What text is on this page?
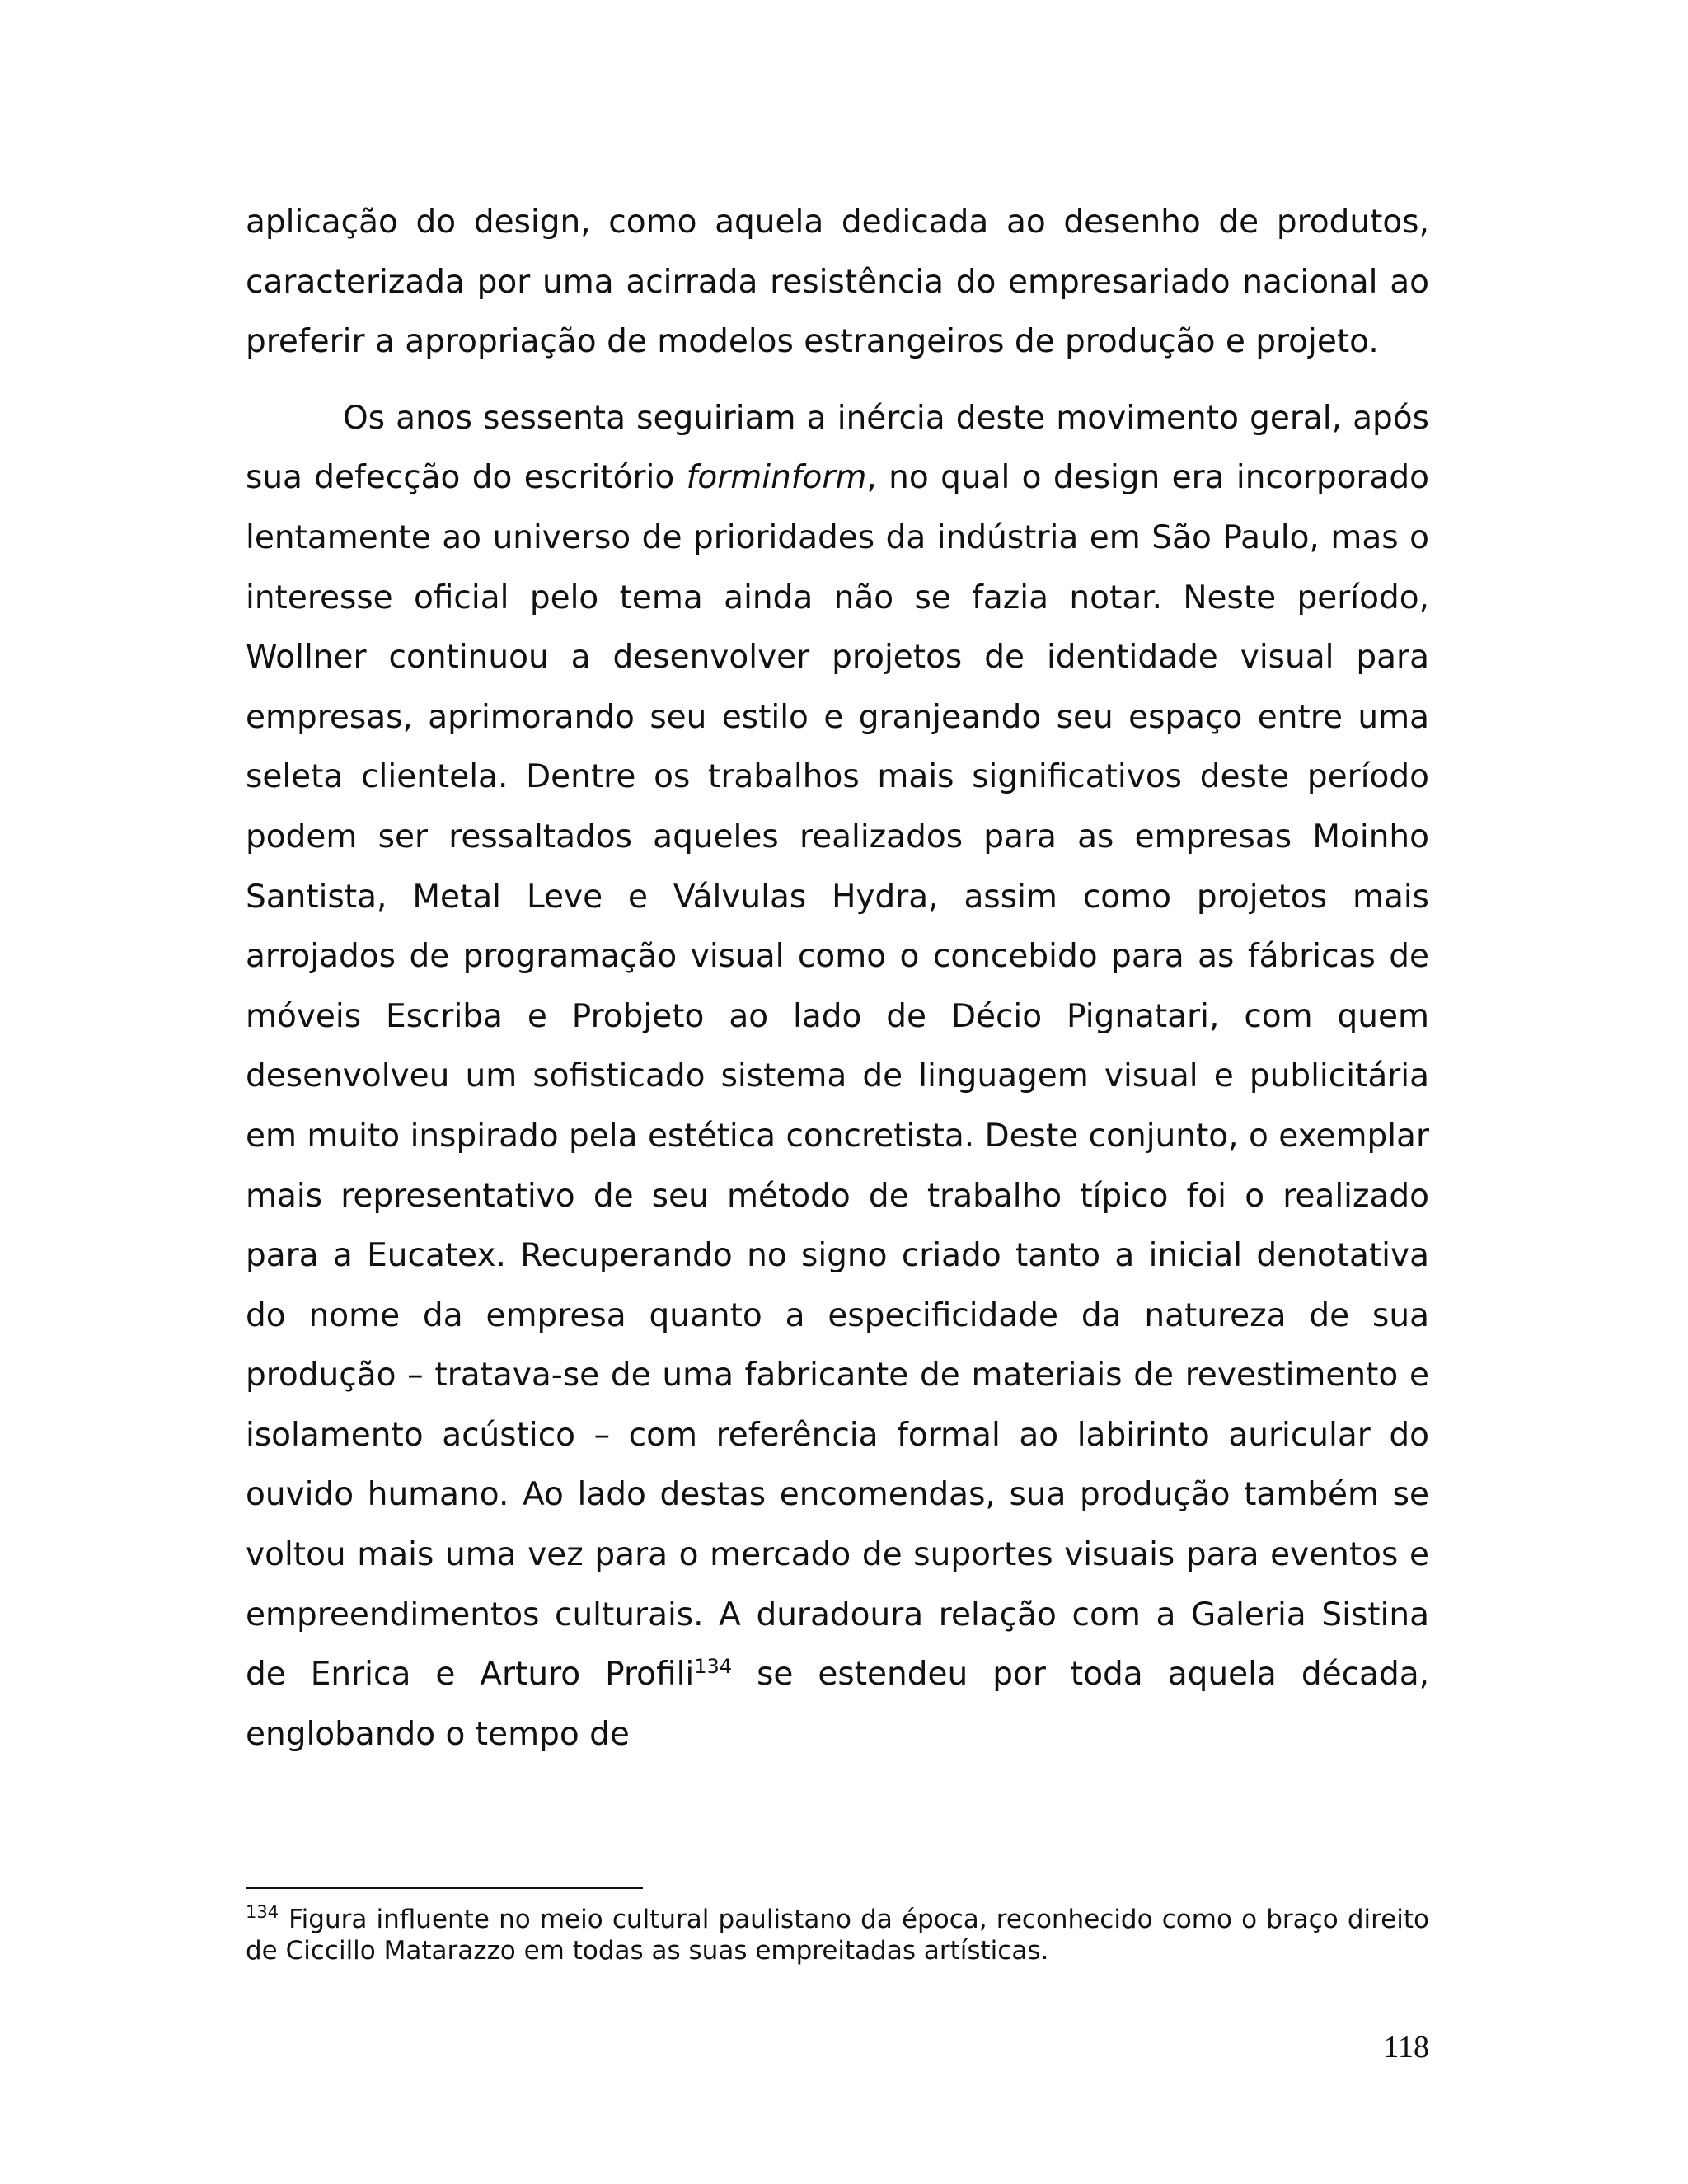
aplicação do design, como aquela dedicada ao desenho de produtos, caracterizada por uma acirrada resistência do empresariado nacional ao preferir a apropriação de modelos estrangeiros de produção e projeto.

Os anos sessenta seguiriam a inércia deste movimento geral, após sua defecção do escritório forminform, no qual o design era incorporado lentamente ao universo de prioridades da indústria em São Paulo, mas o interesse oficial pelo tema ainda não se fazia notar. Neste período, Wollner continuou a desenvolver projetos de identidade visual para empresas, aprimorando seu estilo e granjeando seu espaço entre uma seleta clientela. Dentre os trabalhos mais significativos deste período podem ser ressaltados aqueles realizados para as empresas Moinho Santista, Metal Leve e Válvulas Hydra, assim como projetos mais arrojados de programação visual como o concebido para as fábricas de móveis Escriba e Probjeto ao lado de Décio Pignatari, com quem desenvolveu um sofisticado sistema de linguagem visual e publicitária em muito inspirado pela estética concretista. Deste conjunto, o exemplar mais representativo de seu método de trabalho típico foi o realizado para a Eucatex. Recuperando no signo criado tanto a inicial denotativa do nome da empresa quanto a especificidade da natureza de sua produção – tratava-se de uma fabricante de materiais de revestimento e isolamento acústico – com referência formal ao labirinto auricular do ouvido humano. Ao lado destas encomendas, sua produção também se voltou mais uma vez para o mercado de suportes visuais para eventos e empreendimentos culturais. A duradoura relação com a Galeria Sistina de Enrica e Arturo Profili$^{134}$ se estendeu por toda aquela década, englobando o tempo de

$^{134}$ Figura influente no meio cultural paulistano da época, reconhecido como o braço direito de Ciccillo Matarazzo em todas as suas empreitadas artísticas.

118
